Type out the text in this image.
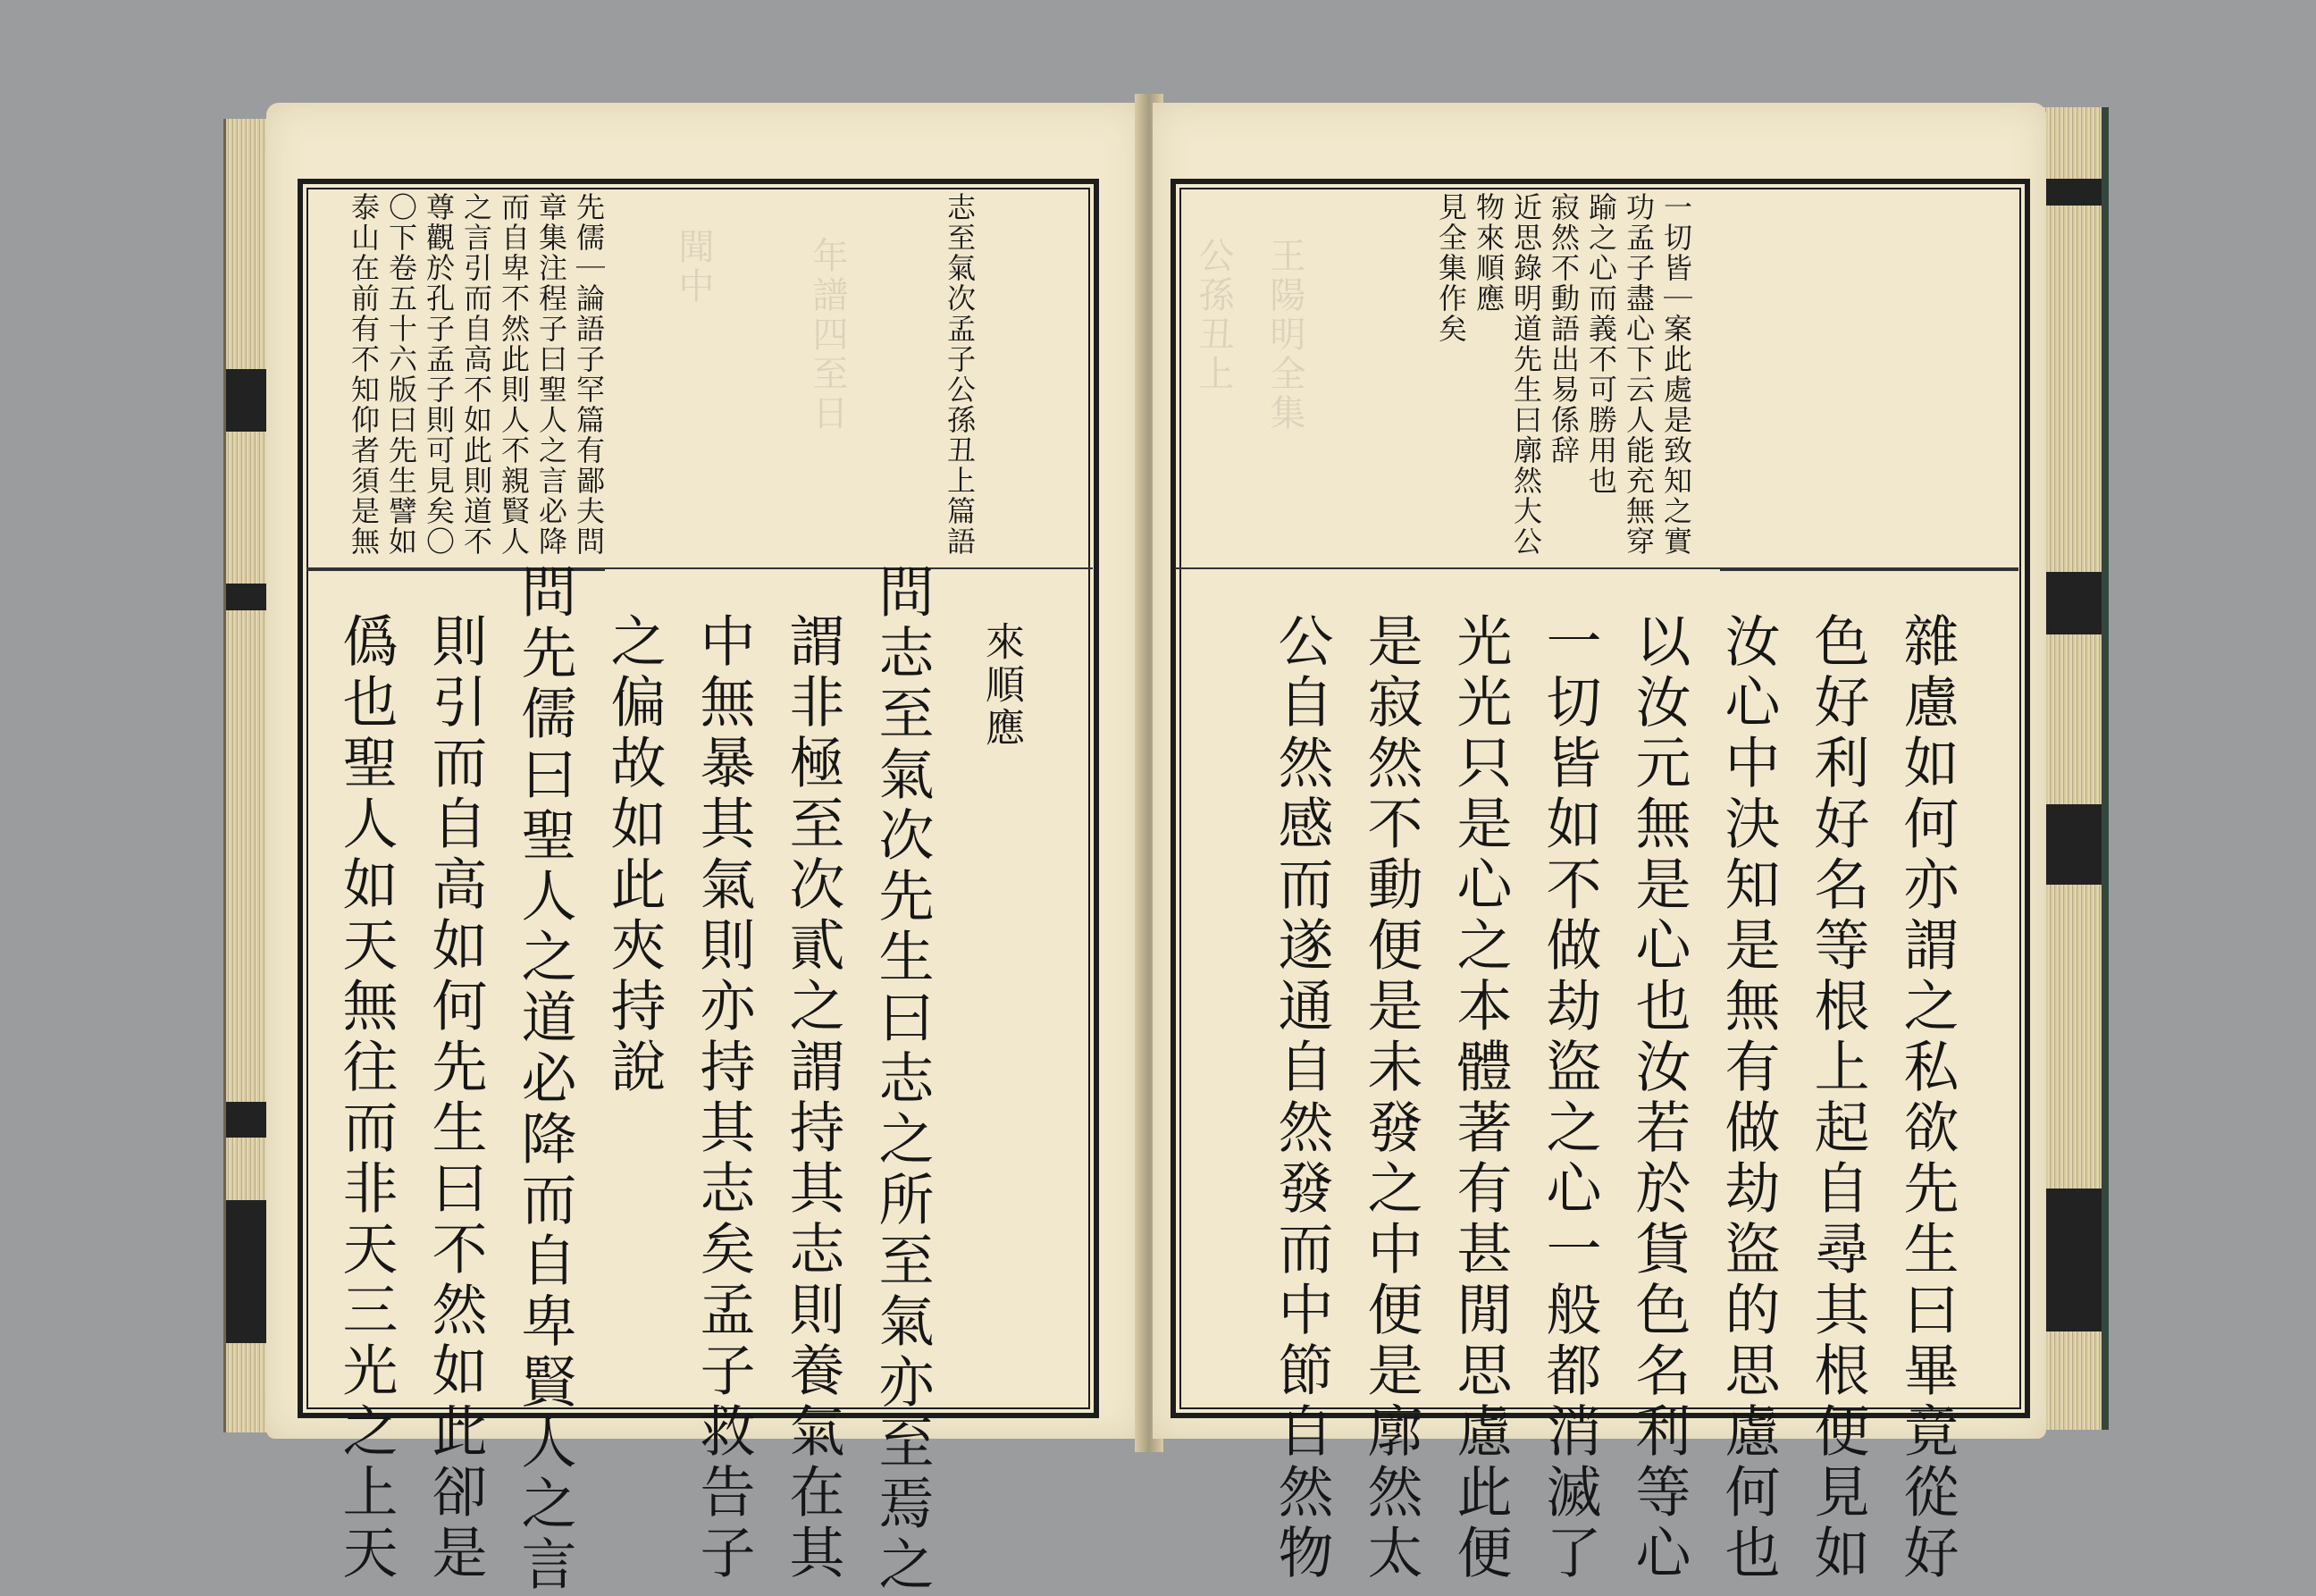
年譜四至日
聞中	志至氣次孟子公孫丑上篇語
先儒｜論語子罕篇有鄙夫問
章集注程子曰聖人之言必降
而自卑不然此則人不親賢人
之言引而自高不如此則道不
尊觀於孔子孟子則可見矣〇
〇下卷五十六版曰先生譬如
泰山在前有不知仰者須是無
來順應
問志至氣次先生曰志之所至氣亦至焉之
謂非極至次貳之謂持其志則養氣在其
中無暴其氣則亦持其志矣孟子救告子
之偏故如此夾持說
問先儒曰聖人之道必降而自卑賢人之言
則引而自高如何先生曰不然如此卻是
僞也聖人如天無往而非天三光之上天
王陽明全集
公孫丑上	一切皆｜案此處是致知之實
功孟子盡心下云人能充無穿
踰之心而義不可勝用也
寂然不動語出易係辞
近思錄明道先生曰廓然大公
物來順應
見全集作矣
雜慮如何亦謂之私欲先生曰畢竟從好
色好利好名等根上起自尋其根便見如
汝心中決知是無有做劫盜的思慮何也
以汝元無是心也汝若於貨色名利等心
一切皆如不做劫盜之心一般都消滅了
光光只是心之本體著有甚閒思慮此便
是寂然不動便是未發之中便是廓然太
公自然感而遂通自然發而中節自然物
